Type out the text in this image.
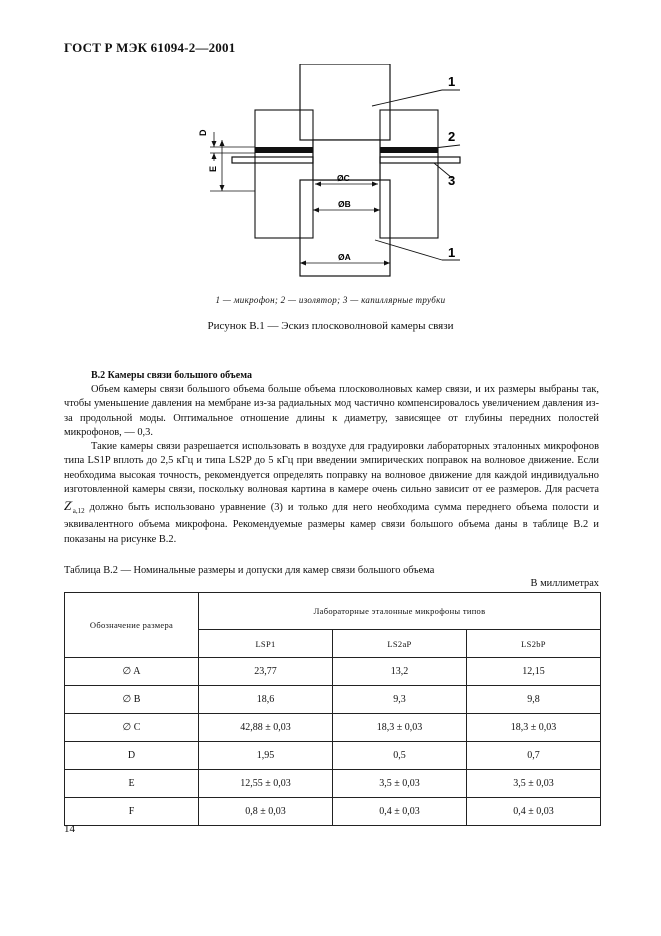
ГОСТ Р МЭК 61094-2—2001
D
E
ØC
ØB
ØA
1
2
3
1
1 — микрофон; 2 — изолятор; 3 — капиллярные трубки
Рисунок В.1 — Эскиз плосковолновой камеры связи
В.2 Камеры связи большого объема

Объем камеры связи большого объема больше объема плосковолновых камер связи, и их размеры выбраны так, чтобы уменьшение давления на мембране из-за радиальных мод частично компенсировалось увеличением давления из-за продольной моды. Оптимальное отношение длины к диаметру, зависящее от глубины передних полостей микрофонов, — 0,3.

Такие камеры связи разрешается использовать в воздухе для градуировки лабораторных эталонных микрофонов типа LS1P вплоть до 2,5 кГц и типа LS2P до 5 кГц при введении эмпирических поправок на волновое движение. Если необходима высокая точность, рекомендуется определять поправку на волновое движение для каждой индивидуально изготовленной камеры связи, поскольку волновая картина в камере очень сильно зависит от ее размеров. Для расчета $Z'_{a,12}$ должно быть использовано уравнение (3) и только для него необходима сумма переднего объема полости и эквивалентного объема микрофона. Рекомендуемые размеры камер связи большого объема даны в таблице В.2 и показаны на рисунке В.2.

Таблица В.2 — Номинальные размеры и допуски для камер связи большого объема
В миллиметрах
Обозначение размера	Лабораторные эталонные микрофоны типов		
	LSP1	LS2aP	LS2bP
∅ A	23,77	13,2	12,15
∅ B	18,6	9,3	9,8
∅ C	42,88 ± 0,03	18,3 ± 0,03	18,3 ± 0,03
D	1,95	0,5	0,7
E	12,55 ± 0,03	3,5 ± 0,03	3,5 ± 0,03
F	0,8 ± 0,03	0,4 ± 0,03	0,4 ± 0,03
14
